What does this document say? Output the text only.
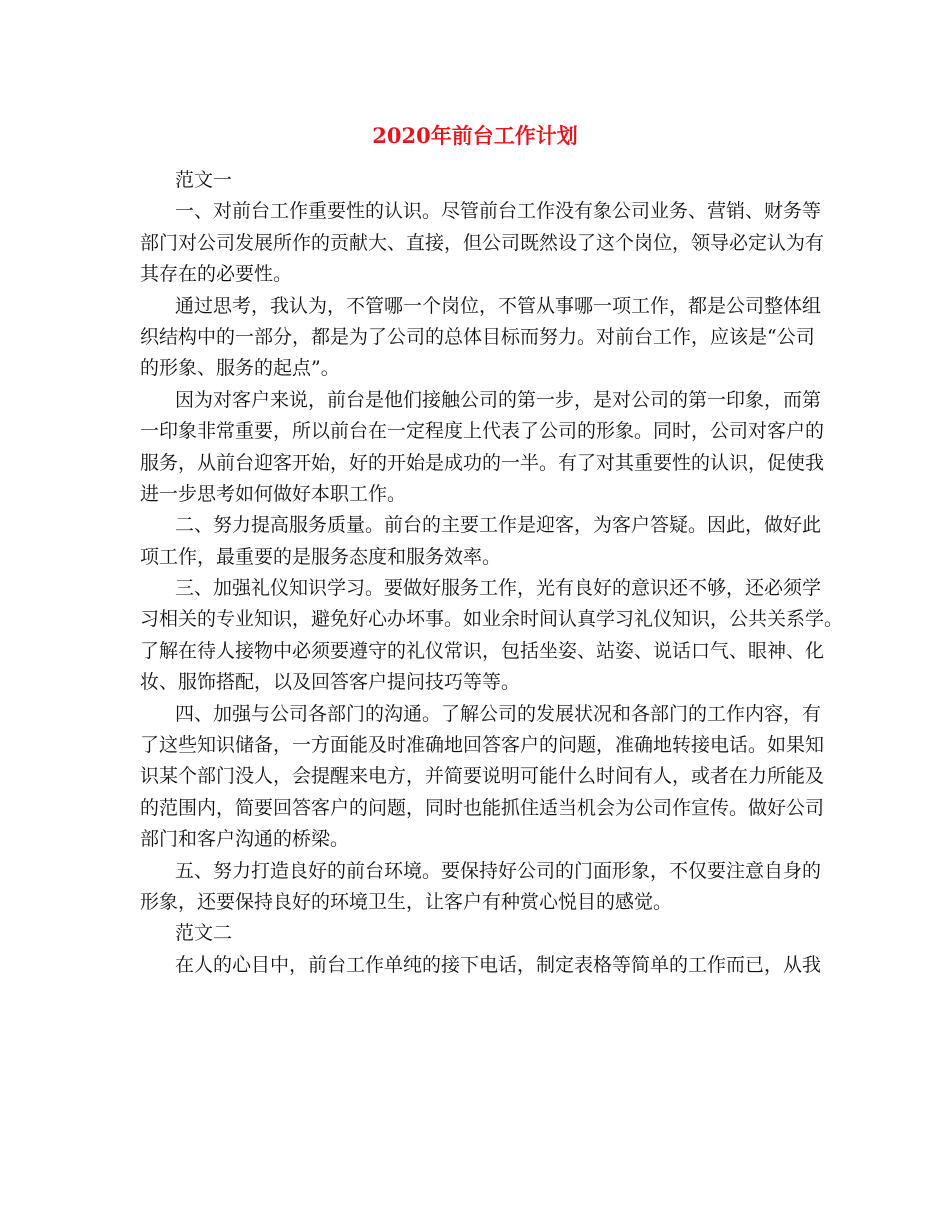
2020年前台工作计划
范文一
一、对前台工作重要性的认识。尽管前台工作没有象公司业务、营销、财务等
部门对公司发展所作的贡献大、直接，但公司既然设了这个岗位，领导必定认为有
其存在的必要性。
通过思考，我认为，不管哪一个岗位，不管从事哪一项工作，都是公司整体组
织结构中的一部分，都是为了公司的总体目标而努力。对前台工作，应该是“公司
的形象、服务的起点”。
因为对客户来说，前台是他们接触公司的第一步，是对公司的第一印象，而第
一印象非常重要，所以前台在一定程度上代表了公司的形象。同时，公司对客户的
服务，从前台迎客开始，好的开始是成功的一半。有了对其重要性的认识，促使我
进一步思考如何做好本职工作。
二、努力提高服务质量。前台的主要工作是迎客，为客户答疑。因此，做好此
项工作，最重要的是服务态度和服务效率。
三、加强礼仪知识学习。要做好服务工作，光有良好的意识还不够，还必须学
习相关的专业知识，避免好心办坏事。如业余时间认真学习礼仪知识，公共关系学。
了解在待人接物中必须要遵守的礼仪常识，包括坐姿、站姿、说话口气、眼神、化
妆、服饰搭配，以及回答客户提问技巧等等。
四、加强与公司各部门的沟通。了解公司的发展状况和各部门的工作内容，有
了这些知识储备，一方面能及时准确地回答客户的问题，准确地转接电话。如果知
识某个部门没人，会提醒来电方，并简要说明可能什么时间有人，或者在力所能及
的范围内，简要回答客户的问题，同时也能抓住适当机会为公司作宣传。做好公司
部门和客户沟通的桥梁。
五、努力打造良好的前台环境。要保持好公司的门面形象，不仅要注意自身的
形象，还要保持良好的环境卫生，让客户有种赏心悦目的感觉。
范文二
在人的心目中，前台工作单纯的接下电话，制定表格等简单的工作而已，从我
